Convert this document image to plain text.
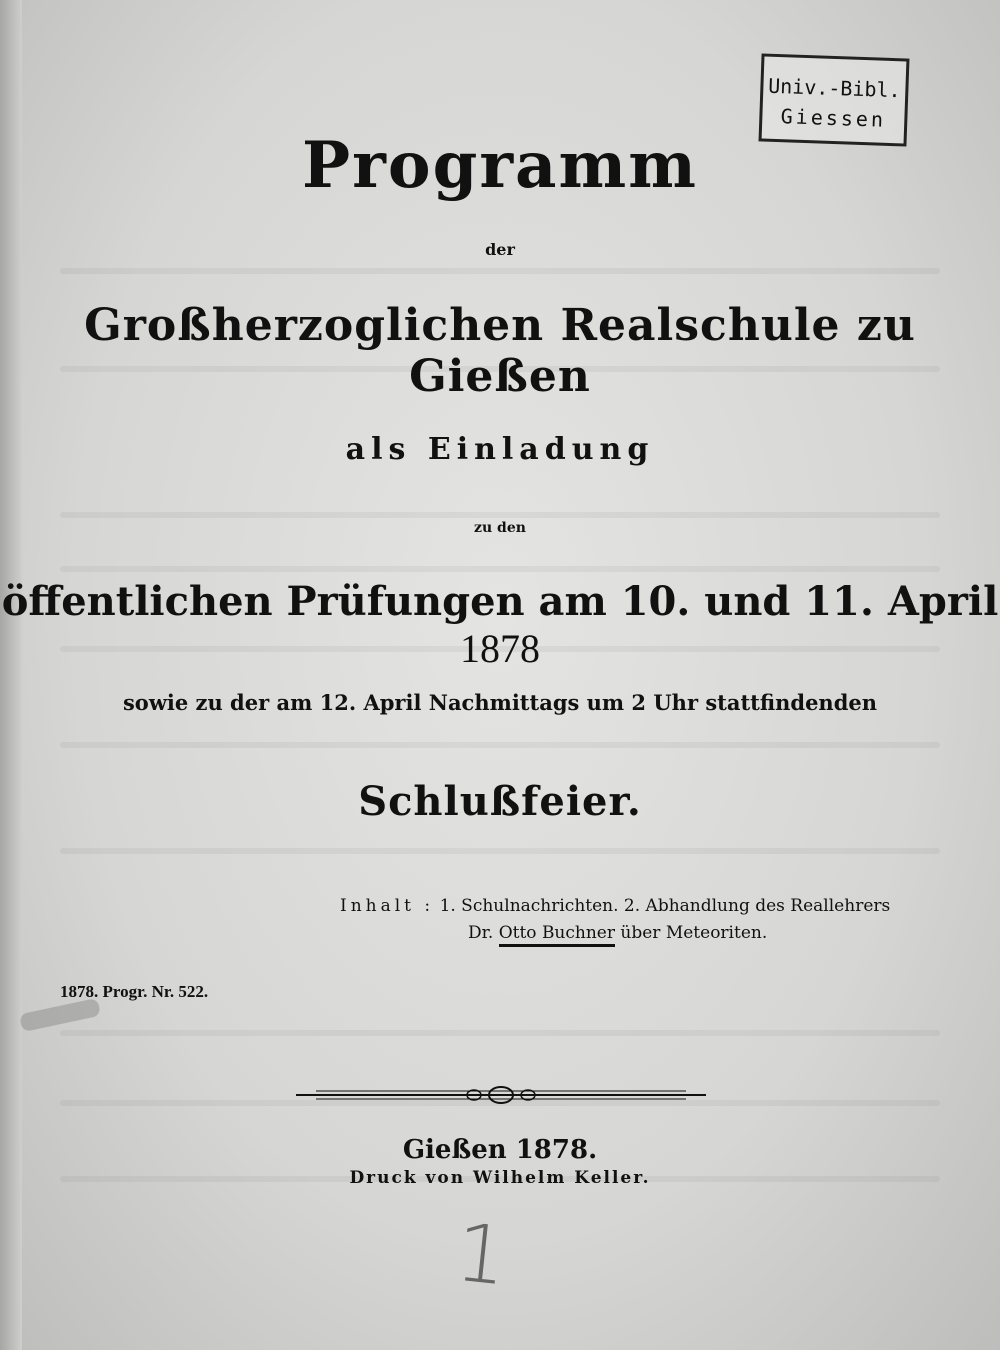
Univ.-Bibl.
Giessen
Programm
der
Großherzoglichen Realschule zu Gießen
als Einladung
zu den
öffentlichen Prüfungen am 10. und 11. April 1878
sowie zu der am 12. April Nachmittags um 2 Uhr stattfindenden
Schlußfeier.
Inhalt : 1. Schulnachrichten. 2. Abhandlung des Reallehrers
Dr. Otto Buchner über Meteoriten.
1878. Progr. Nr. 522.
Gießen 1878.
Druck von Wilhelm Keller.
1
